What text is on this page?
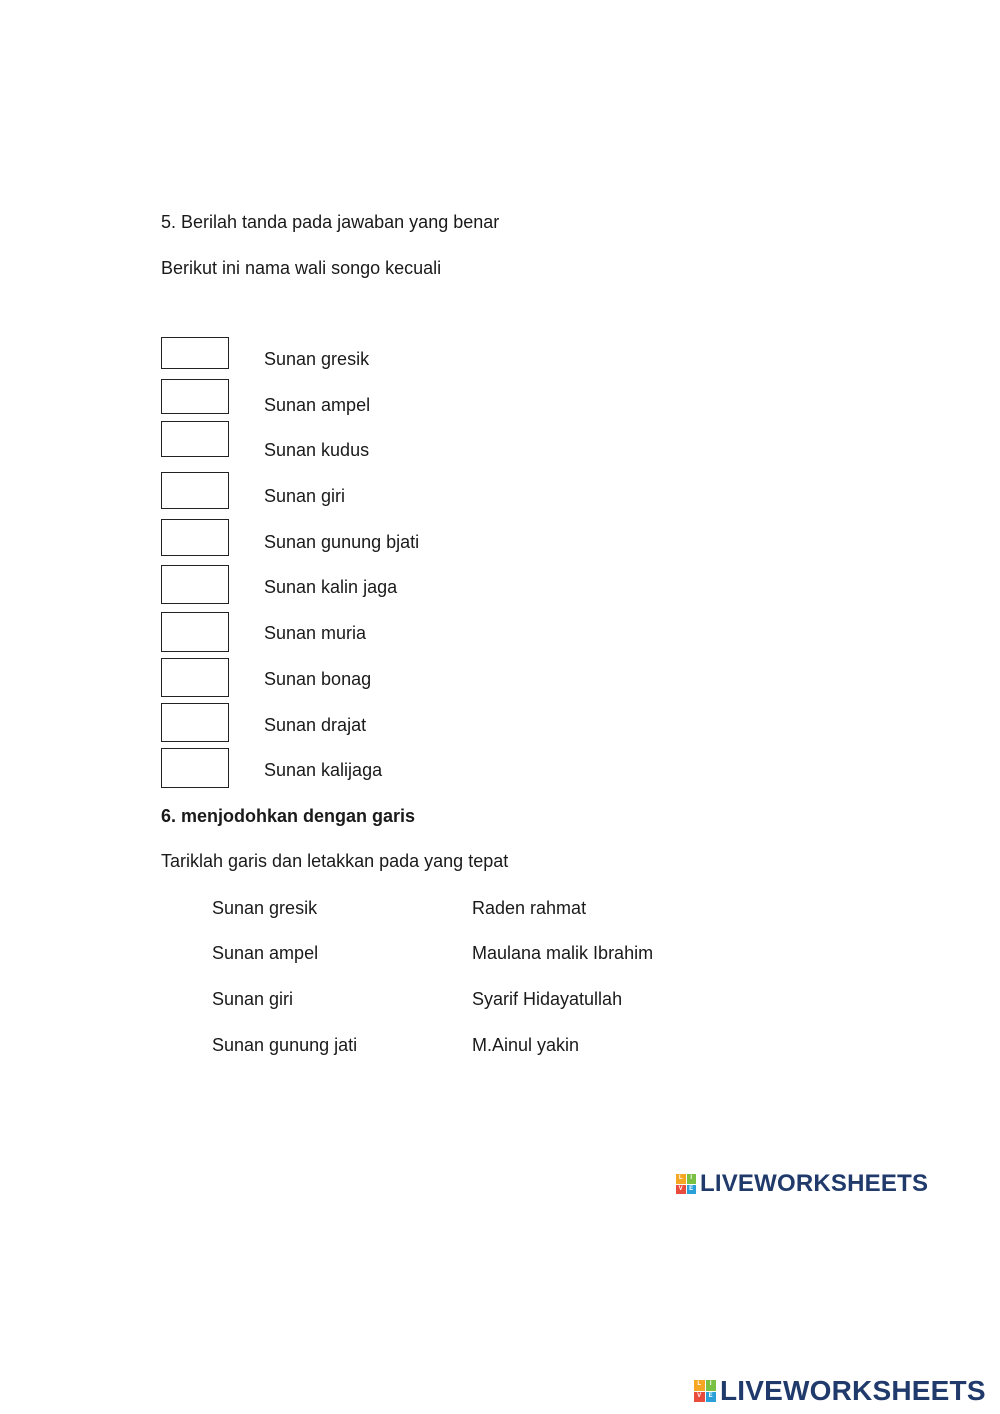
5. Berilah tanda pada jawaban yang benar
Berikut ini nama wali songo kecuali
Sunan gresik
Sunan ampel
Sunan kudus
Sunan giri
Sunan gunung bjati
Sunan kalin jaga
Sunan muria
Sunan bonag
Sunan drajat
Sunan kalijaga
6. menjodohkan dengan garis
Tariklah garis dan letakkan pada yang tepat
Sunan gresik	Raden rahmat
Sunan ampel	Maulana malik Ibrahim
Sunan giri	Syarif Hidayatullah
Sunan gunung jati	M.Ainul yakin
L	I
V	E LIVEWORKSHEETS
L	I
V	E LIVEWORKSHEETS
